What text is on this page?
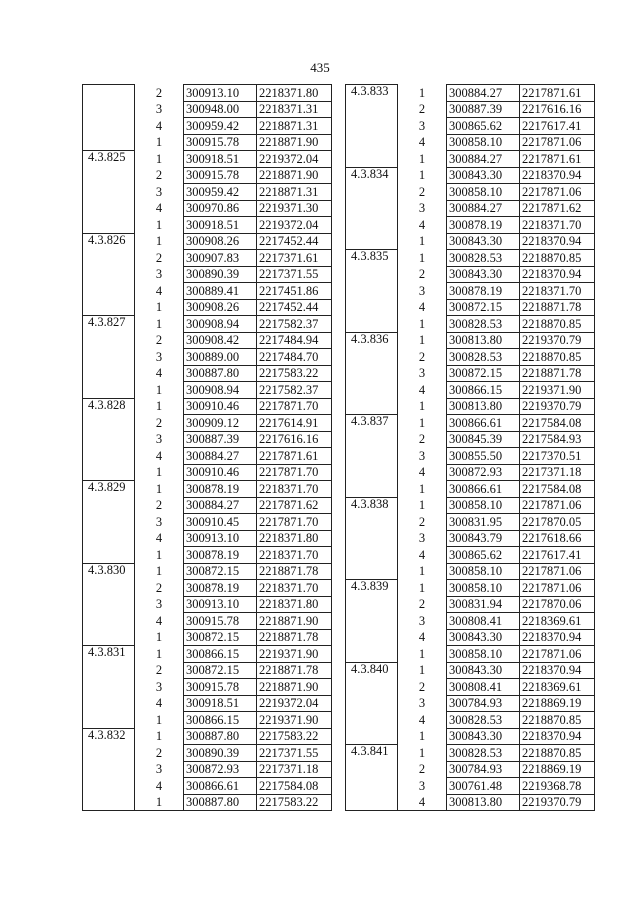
435
	2	300913.10	2218371.80
	3	300948.00	2218371.31
	4	300959.42	2218871.31
	1	300915.78	2218871.90
4.3.825	1	300918.51	2219372.04
	2	300915.78	2218871.90
	3	300959.42	2218871.31
	4	300970.86	2219371.30
	1	300918.51	2219372.04
4.3.826	1	300908.26	2217452.44
	2	300907.83	2217371.61
	3	300890.39	2217371.55
	4	300889.41	2217451.86
	1	300908.26	2217452.44
4.3.827	1	300908.94	2217582.37
	2	300908.42	2217484.94
	3	300889.00	2217484.70
	4	300887.80	2217583.22
	1	300908.94	2217582.37
4.3.828	1	300910.46	2217871.70
	2	300909.12	2217614.91
	3	300887.39	2217616.16
	4	300884.27	2217871.61
	1	300910.46	2217871.70
4.3.829	1	300878.19	2218371.70
	2	300884.27	2217871.62
	3	300910.45	2217871.70
	4	300913.10	2218371.80
	1	300878.19	2218371.70
4.3.830	1	300872.15	2218871.78
	2	300878.19	2218371.70
	3	300913.10	2218371.80
	4	300915.78	2218871.90
	1	300872.15	2218871.78
4.3.831	1	300866.15	2219371.90
	2	300872.15	2218871.78
	3	300915.78	2218871.90
	4	300918.51	2219372.04
	1	300866.15	2219371.90
4.3.832	1	300887.80	2217583.22
	2	300890.39	2217371.55
	3	300872.93	2217371.18
	4	300866.61	2217584.08
	1	300887.80	2217583.22
4.3.833	1	300884.27	2217871.61
	2	300887.39	2217616.16
	3	300865.62	2217617.41
	4	300858.10	2217871.06
	1	300884.27	2217871.61
4.3.834	1	300843.30	2218370.94
	2	300858.10	2217871.06
	3	300884.27	2217871.62
	4	300878.19	2218371.70
	1	300843.30	2218370.94
4.3.835	1	300828.53	2218870.85
	2	300843.30	2218370.94
	3	300878.19	2218371.70
	4	300872.15	2218871.78
	1	300828.53	2218870.85
4.3.836	1	300813.80	2219370.79
	2	300828.53	2218870.85
	3	300872.15	2218871.78
	4	300866.15	2219371.90
	1	300813.80	2219370.79
4.3.837	1	300866.61	2217584.08
	2	300845.39	2217584.93
	3	300855.50	2217370.51
	4	300872.93	2217371.18
	1	300866.61	2217584.08
4.3.838	1	300858.10	2217871.06
	2	300831.95	2217870.05
	3	300843.79	2217618.66
	4	300865.62	2217617.41
	1	300858.10	2217871.06
4.3.839	1	300858.10	2217871.06
	2	300831.94	2217870.06
	3	300808.41	2218369.61
	4	300843.30	2218370.94
	1	300858.10	2217871.06
4.3.840	1	300843.30	2218370.94
	2	300808.41	2218369.61
	3	300784.93	2218869.19
	4	300828.53	2218870.85
	1	300843.30	2218370.94
4.3.841	1	300828.53	2218870.85
	2	300784.93	2218869.19
	3	300761.48	2219368.78
	4	300813.80	2219370.79
